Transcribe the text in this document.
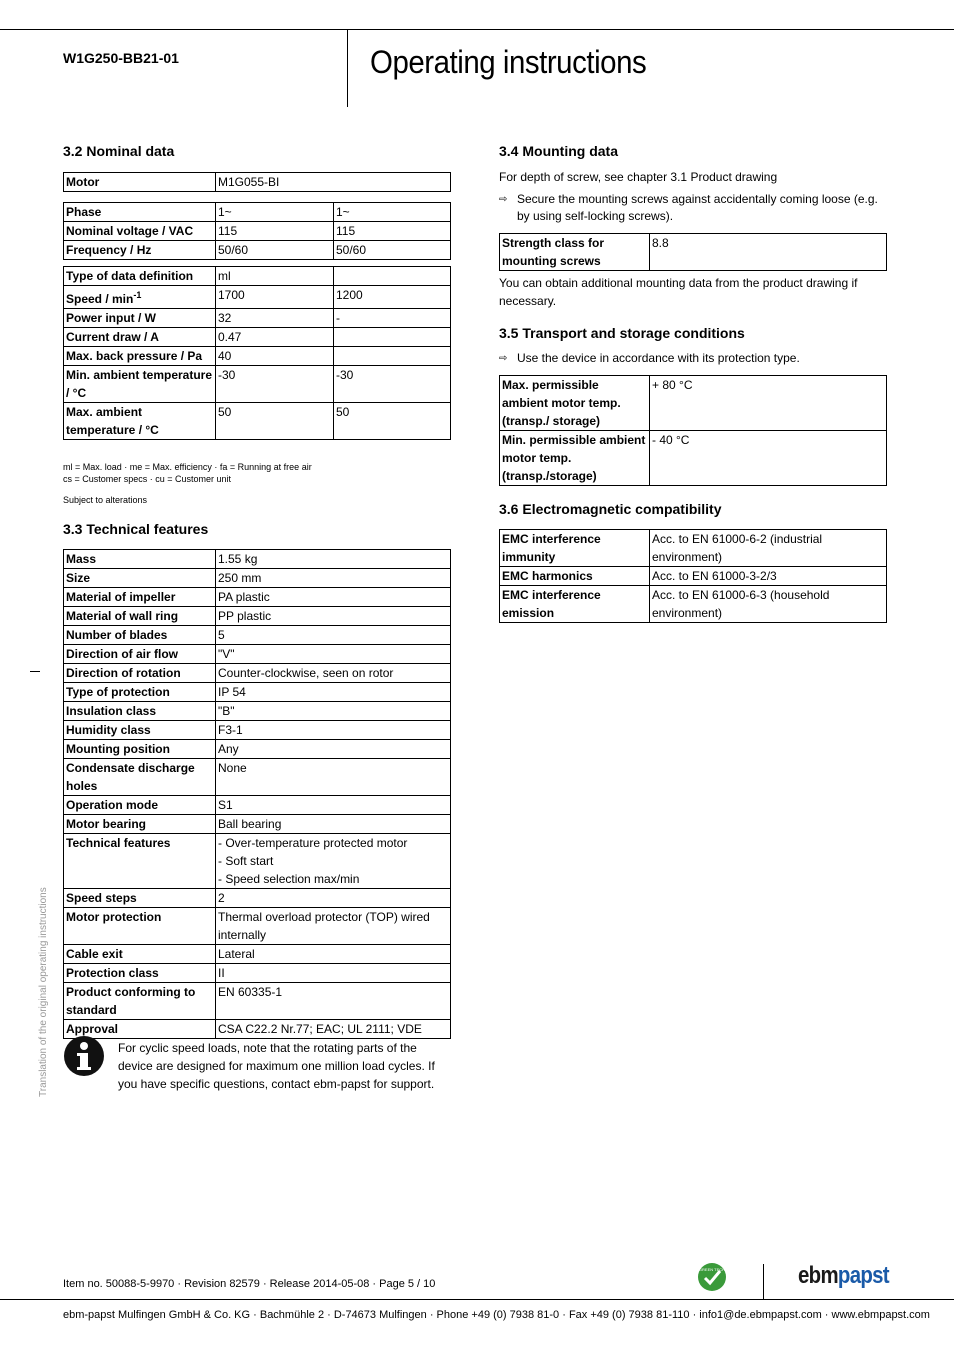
W1G250-BB21-01	Operating instructions
3.2 Nominal data
Motor	M1G055-BI
Phase	1~	1~
Nominal voltage / VAC	115	115
Frequency / Hz	50/60	50/60
Type of data definition	ml	
Speed / $\min^{-1}$	1700	1200
Power input / W	32	-
Current draw / A	0.47	
Max. back pressure / Pa	40	
Min. ambient temperature / °C	-30	-30
Max. ambient temperature / °C	50	50
ml = Max. load · me = Max. efficiency · fa = Running at free air
cs = Customer specs · cu = Customer unit
Subject to alterations
3.3 Technical features
Mass	1.55 kg
Size	250 mm
Material of impeller	PA plastic
Material of wall ring	PP plastic
Number of blades	5
Direction of air flow	"V"
Direction of rotation	Counter-clockwise, seen on rotor
Type of protection	IP 54
Insulation class	"B"
Humidity class	F3-1
Mounting position	Any
Condensate discharge holes	None
Operation mode	S1
Motor bearing	Ball bearing
Technical features	- Over-temperature protected motor
- Soft start
- Speed selection max/min
Speed steps	2
Motor protection	Thermal overload protector (TOP) wired internally
Cable exit	Lateral
Protection class	II
Product conforming to standard	EN 60335-1
Approval	CSA C22.2 Nr.77; EAC; UL 2111; VDE
For cyclic speed loads, note that the rotating parts of the device are designed for maximum one million load cycles. If you have specific questions, contact ebm-papst for support.
3.4 Mounting data
For depth of screw, see chapter 3.1 Product drawing
⇨ Secure the mounting screws against accidentally coming loose (e.g. by using self-locking screws).
Strength class for mounting screws	8.8
You can obtain additional mounting data from the product drawing if necessary.
3.5 Transport and storage conditions
⇨ Use the device in accordance with its protection type.
Max. permissible ambient motor temp. (transp./ storage)	+ 80 °C
Min. permissible ambient motor temp. (transp./storage)	- 40 °C
3.6 Electromagnetic compatibility
EMC interference immunity	Acc. to EN 61000-6-2 (industrial environment)
EMC harmonics	Acc. to EN 61000-3-2/3
EMC interference emission	Acc. to EN 61000-6-3 (household environment)
Translation of the original operating instructions
Item no. 50088-5-9970 · Revision 82579 · Release 2014-05-08 · Page 5 / 10
GREEN TECH	ebmpapst
ebm-papst Mulfingen GmbH & Co. KG · Bachmühle 2 · D-74673 Mulfingen · Phone +49 (0) 7938 81-0 · Fax +49 (0) 7938 81-110 · info1@de.ebmpapst.com · www.ebmpapst.com
